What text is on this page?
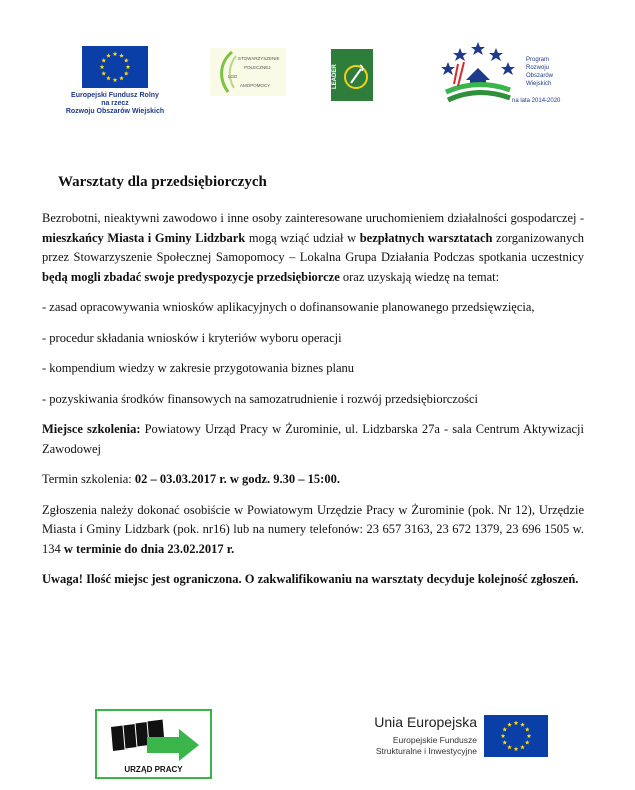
Europejski Fundusz Rolny
na rzecz
Rozwoju Obszarów Wiejskich
STOWARZYSZENIE
POŁECZNEJ
LGD
AMOPOMOCY	LEADER
Program
Rozwoju
Obszarów
Wiejskich
na lata 2014-2020
Warsztaty dla przedsiębiorczych

Bezrobotni, nieaktywni zawodowo i inne osoby zainteresowane uruchomieniem działalności gospodarczej - mieszkańcy Miasta i Gminy Lidzbark mogą wziąć udział w bezpłatnych warsztatach zorganizowanych przez Stowarzyszenie Społecznej Samopomocy – Lokalna Grupa Działania Podczas spotkania uczestnicy będą mogli zbadać swoje predyspozycje przedsiębiorcze oraz uzyskają wiedzę na temat:

- zasad opracowywania wniosków aplikacyjnych o dofinansowanie planowanego przedsięwzięcia,

- procedur składania wniosków i kryteriów wyboru operacji

- kompendium wiedzy w zakresie przygotowania biznes planu

- pozyskiwania środków finansowych na samozatrudnienie i rozwój przedsiębiorczości

Miejsce szkolenia: Powiatowy Urząd Pracy w Żurominie, ul. Lidzbarska 27a - sala Centrum Aktywizacji Zawodowej

Termin szkolenia: 02 – 03.03.2017 r. w godz. 9.30 – 15:00.

Zgłoszenia należy dokonać osobiście w Powiatowym Urzędzie Pracy w Żurominie (pok. Nr 12), Urzędzie Miasta i Gminy Lidzbark (pok. nr16) lub na numery telefonów: 23 657 3163, 23 672 1379, 23 696 1505 w. 134 w terminie do dnia 23.02.2017 r.

Uwaga! Ilość miejsc jest ograniczona. O zakwalifikowaniu na warsztaty decyduje kolejność zgłoszeń.

URZĄD PRACY
Unia Europejska
Europejskie Fundusze
Strukturalne i Inwestycyjne
